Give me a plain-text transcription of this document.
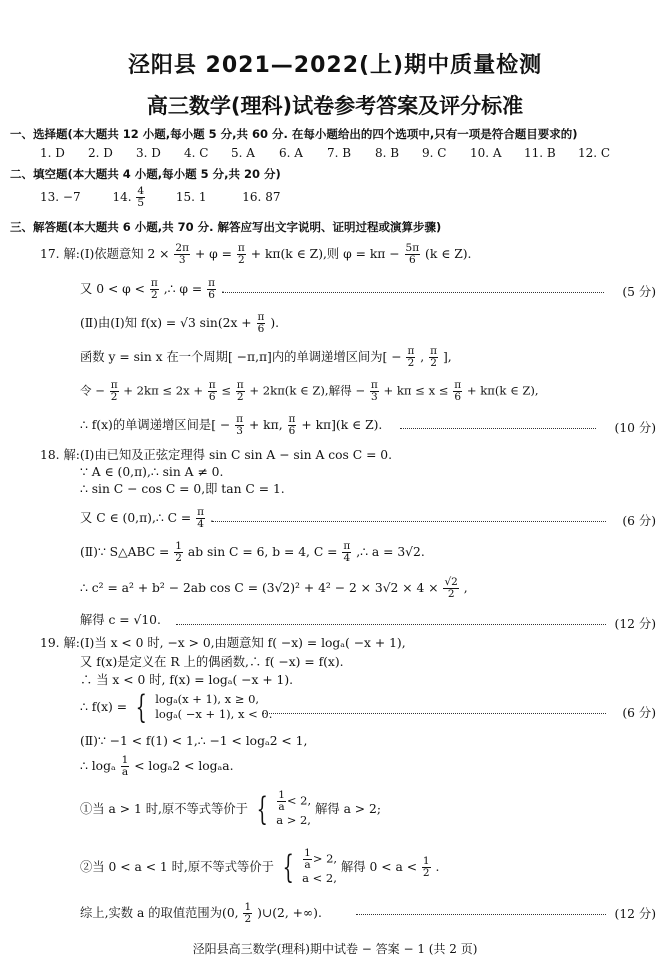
泾阳县 2021—2022(上)期中质量检测
高三数学(理科)试卷参考答案及评分标准
一、选择题(本大题共 12 小题,每小题 5 分,共 60 分. 在每小题给出的四个选项中,只有一项是符合题目要求的)
1. D 2. D 3. D 4. C 5. A 6. A 7. B 8. B 9. C 10. A 11. B 12. C
二、填空题(本大题共 4 小题,每小题 5 分,共 20 分)
13. −7	14. $\frac{4}{5}$	15. 1	16. 87
三、解答题(本大题共 6 小题,共 70 分. 解答应写出文字说明、证明过程或演算步骤)
17. 解:(Ⅰ)依题意知 $2 \times \frac{2\pi}{3} + \varphi = \frac{\pi}{2} + k\pi(k$ ∈ Z),则 $\varphi = k\pi - \frac{5\pi}{6} (k$ ∈ Z).
又 $0 < \varphi < \frac{\pi}{2}$ ,∴ $\varphi = \frac{\pi}{6}$ .	(5 分)
(Ⅱ)由(Ⅰ)知 f(x) = √3 $\sin(2x + \frac{\pi}{6}$ ).
函数 y = sin x 在一个周期[ −π,π]内的单调递增区间为[ − $\frac{\pi}{2}$ , $\frac{\pi}{2}$ ],
令 − $\frac{\pi}{2} + 2k\pi \le 2x + \frac{\pi}{6} \le \frac{\pi}{2} + 2k\pi(k$ ∈ Z),解得 − $\frac{\pi}{3} + k\pi \le x \le \frac{\pi}{6} + k\pi(k$ ∈ Z),
∴ f(x)的单调递增区间是[ − $\frac{\pi}{3} + k\pi$, $\frac{\pi}{6} + k\pi](k$ ∈ Z).	(10 分)
18. 解:(Ⅰ)由已知及正弦定理得 sin C sin A − sin A cos C = 0.
∵ A ∈ (0,π),∴ sin A ≠ 0.
∴ sin C − cos C = 0,即 tan C = 1.
又 C ∈ (0,π),∴ $C = \frac{\pi}{4}$ .	(6 分)
(Ⅱ)∵ S△ABC = $\frac{1}{2}$ ab sin C = 6, b = 4, $C = \frac{\pi}{4}$ ,∴ a = 3√2.
∴ c² = a² + b² − 2ab $\cos C = (3√2)^2 + 4^2 - 2 \times 3√2 \times 4 \times \frac{√2}{2}$ ,
解得 c = √10.	(12 分)
19. 解:(Ⅰ)当 x < 0 时, −x > 0,由题意知 f( −x) = logₐ( −x + 1),
又 f(x)是定义在 R 上的偶函数,∴ f( −x) = f(x).
∴ 当 x < 0 时, f(x) = logₐ( −x + 1).
∴ f(x) = { logₐ(x + 1), x ≥ 0,
logₐ( −x + 1), x < 0.	(6 分)
(Ⅱ)∵ −1 < f(1) < 1,∴ −1 < logₐ2 < 1,
∴ logₐ $\frac{1}{a} < \log_a2 < \log_aa$.
①当 a > 1 时,原不等式等价于 { $\frac{1}{a} < 2$,
a > 2,
解得 a > 2;
②当 0 < a < 1 时,原不等式等价于 { $\frac{1}{a} > 2$,
a < 2,
解得 $0 < a < \frac{1}{2}$ .
综上,实数 a 的取值范围为(0, $\frac{1}{2}$ )∪(2, +∞).	(12 分)
泾阳县高三数学(理科)期中试卷 − 答案 − 1 (共 2 页)
